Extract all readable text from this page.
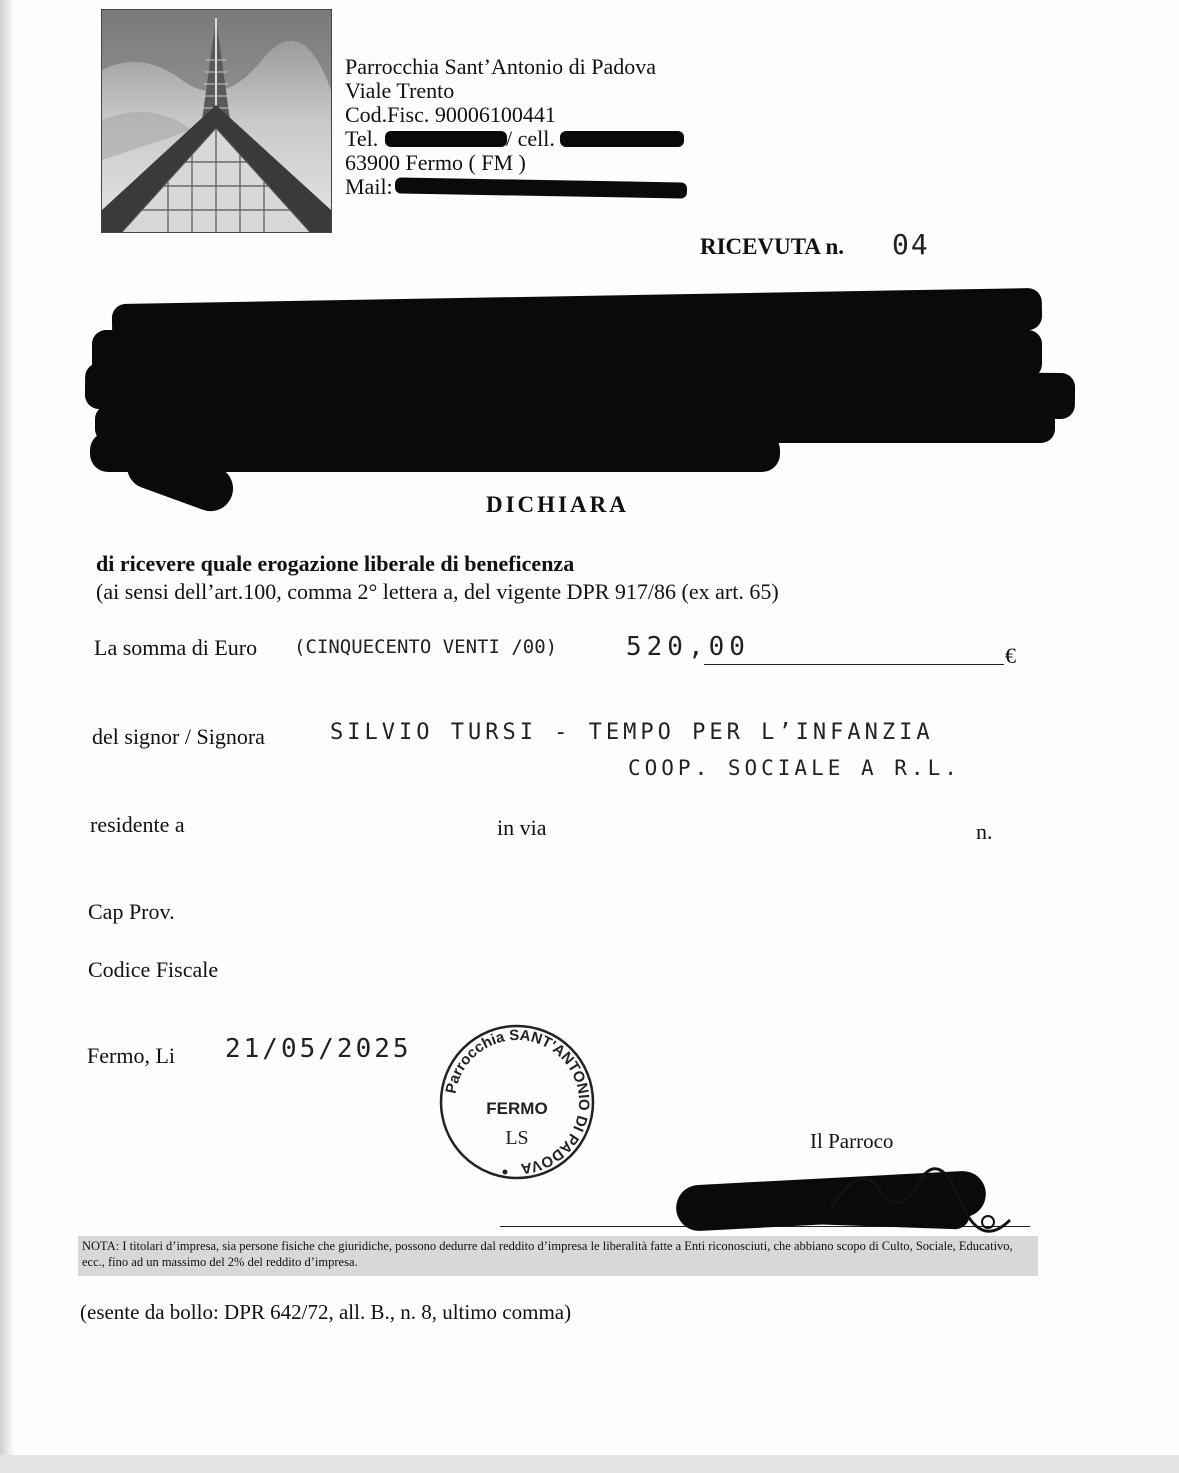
Parrocchia Sant’Antonio di Padova
Viale Trento
Cod.Fisc. 90006100441
Tel.	/ cell.
63900 Fermo ( FM )
Mail:
RICEVUTA n. 04
DICHIARA
di ricevere quale erogazione liberale di beneficenza
(ai sensi dell’art.100, comma 2° lettera a, del vigente DPR 917/86 (ex art. 65)
La somma di Euro (CINQUECENTO VENTI /00)	520,00	€
del signor / Signora	SILVIO TURSI - TEMPO PER L’INFANZIA
COOP. SOCIALE A R.L.
residente a	in via	n.
Cap Prov.
Codice Fiscale
Fermo, Li 21/05/2025
Parrocchia SANT'ANTONIO DI PADOVA
FERMO
LS	Il Parroco
NOTA: I titolari d’impresa, sia persone fisiche che giuridiche, possono dedurre dal reddito d’impresa le liberalità fatte a Enti riconosciuti, che abbiano scopo di Culto, Sociale, Educativo, ecc., fino ad un massimo del 2% del reddito d’impresa.
(esente da bollo: DPR 642/72, all. B., n. 8, ultimo comma)
